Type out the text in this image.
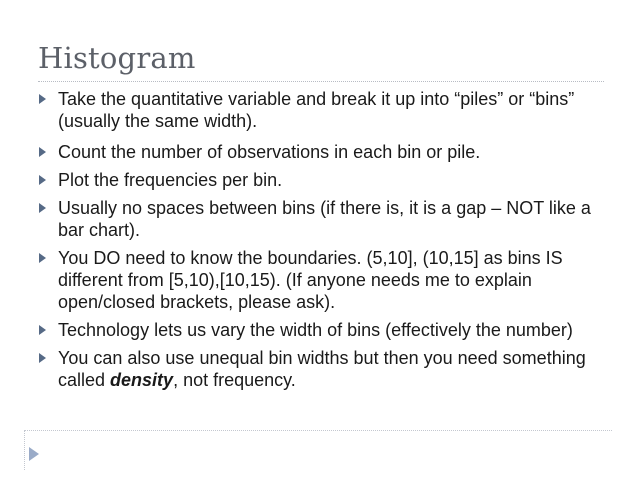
Histogram
Take the quantitative variable and break it up into “piles” or “bins” (usually the same width).
Count the number of observations in each bin or pile.
Plot the frequencies per bin.
Usually no spaces between bins (if there is, it is a gap – NOT like a bar chart).
You DO need to know the boundaries. (5,10], (10,15] as bins IS different from [5,10),[10,15). (If anyone needs me to explain open/closed brackets, please ask).
Technology lets us vary the width of bins (effectively the number)
You can also use unequal bin widths but then you need something called density, not frequency.
